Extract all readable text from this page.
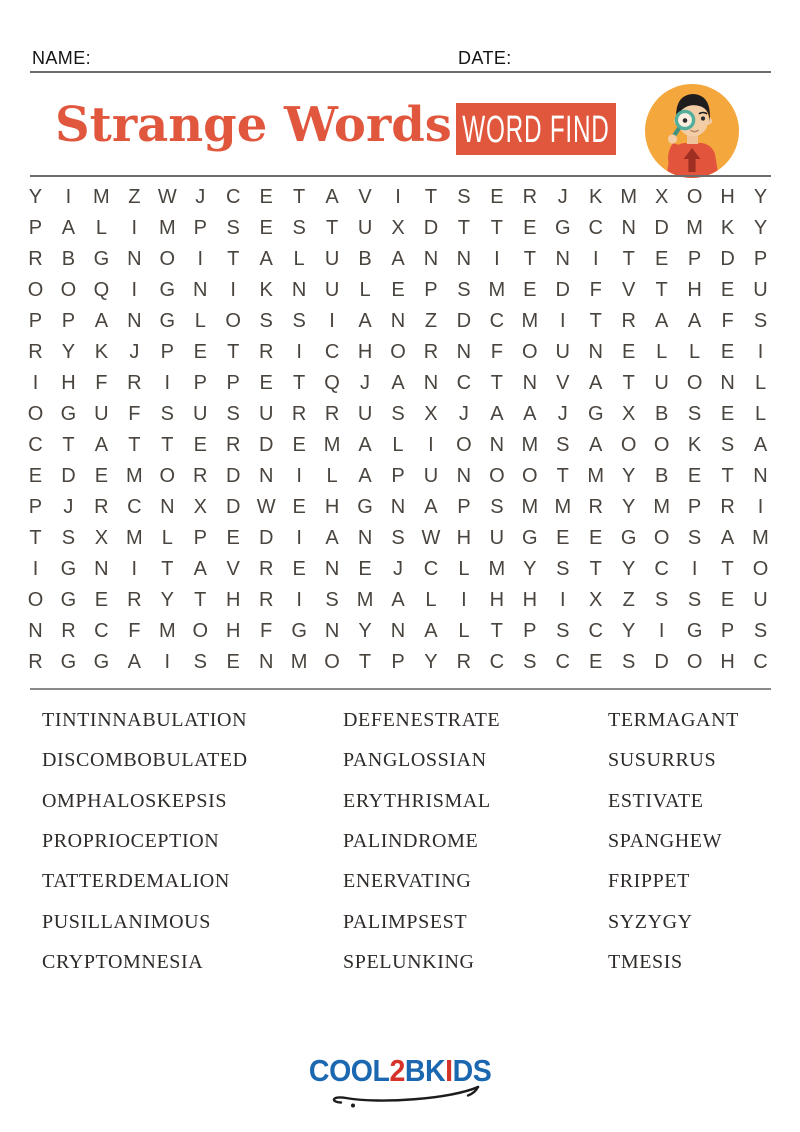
NAME:	DATE:
Strange Words WORD FIND
Y	I	M Z W J	C E	T	A V	I	T	S E R	J	K M X O H Y
P A	L	I	M P S E S	T U X D T	T	E G C N D M K Y
R B G N O	I	T	A	L	U B A N N	I	T N	I	T	E P D P
O O Q	I	G N	I	K N U	L	E P S M E D F	V	T H E U
P P A N G L O S S	I	A N Z D C M	I	T R A A	F	S
R Y K	J	P E	T R	I	C H O R N F O U N E	L	L	E	I
I	H F R	I	P P E	T Q	J	A N C T N V A	T U O N	L
O G U F	S U S U R R U S X	J	A A	J	G X B S E	L
C T	A	T	T	E R D E M A	L	I	O N M S A O O K S A
E D E M O R D N	I	L	A P U N O O T M Y B E	T N
P	J	R C N X D W E H G N A P S M M R Y M P R	I
T	S X M L	P E D	I	A N S W H U G E E G O S A M
I	G N	I	T	A V R E N E	J	C	L M Y S	T	Y C	I	T O
O G E R Y	T H R	I	S M A	L	I	H H	I	X	Z	S S E U
N R C F M O H F G N Y N A	L	T	P S C Y	I	G P S
R G G A	I	S E N M O T	P Y R C S C E S D O H C
TINTINNABULATION
DISCOMBOBULATED
OMPHALOSKEPSIS
PROPRIOCEPTION
TATTERDEMALION
PUSILLANIMOUS
CRYPTOMNESIA
DEFENESTRATE
PANGLOSSIAN
ERYTHRISMAL
PALINDROME
ENERVATING
PALIMPSEST
SPELUNKING
TERMAGANT
SUSURRUS
ESTIVATE
SPANGHEW
FRIPPET
SYZYGY
TMESIS
COOL2BKIDS
